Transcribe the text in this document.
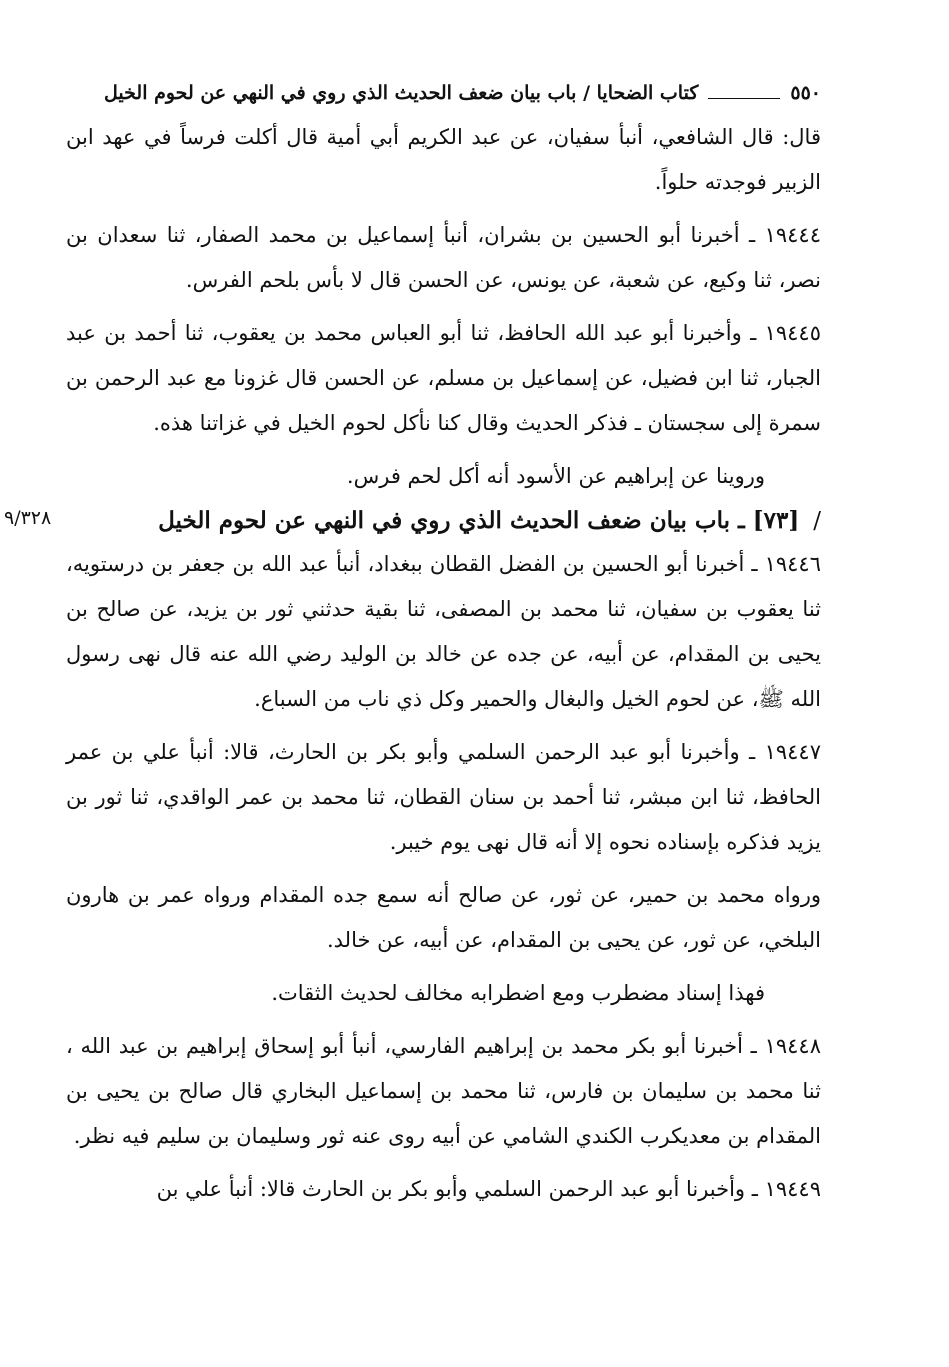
٥٥٠
كتاب الضحايا / باب بيان ضعف الحديث الذي روي في النهي عن لحوم الخيل

قال: قال الشافعي، أنبأ سفيان، عن عبد الكريم أبي أمية قال أكلت فرساً في عهد ابن الزبير فوجدته حلواً.

١٩٤٤٤ ـ أخبرنا أبو الحسين بن بشران، أنبأ إسماعيل بن محمد الصفار، ثنا سعدان بن نصر، ثنا وكيع، عن شعبة، عن يونس، عن الحسن قال لا بأس بلحم الفرس.

١٩٤٤٥ ـ وأخبرنا أبو عبد الله الحافظ، ثنا أبو العباس محمد بن يعقوب، ثنا أحمد بن عبد الجبار، ثنا ابن فضيل، عن إسماعيل بن مسلم، عن الحسن قال غزونا مع عبد الرحمن بن سمرة إلى سجستان ـ فذكر الحديث وقال كنا نأكل لحوم الخيل في غزاتنا هذه.

وروينا عن إبراهيم عن الأسود أنه أكل لحم فرس.

٩/٣٢٨	/
[٧٣] ـ باب بيان ضعف الحديث الذي روي في النهي عن لحوم الخيل

١٩٤٤٦ ـ أخبرنا أبو الحسين بن الفضل القطان ببغداد، أنبأ عبد الله بن جعفر بن درستويه، ثنا يعقوب بن سفيان، ثنا محمد بن المصفى، ثنا بقية حدثني ثور بن يزيد، عن صالح بن يحيى بن المقدام، عن أبيه، عن جده عن خالد بن الوليد رضي الله عنه قال نهى رسول الله ﷺ، عن لحوم الخيل والبغال والحمير وكل ذي ناب من السباع.

١٩٤٤٧ ـ وأخبرنا أبو عبد الرحمن السلمي وأبو بكر بن الحارث، قالا: أنبأ علي بن عمر الحافظ، ثنا ابن مبشر، ثنا أحمد بن سنان القطان، ثنا محمد بن عمر الواقدي، ثنا ثور بن يزيد فذكره بإسناده نحوه إلا أنه قال نهى يوم خيبر.

ورواه محمد بن حمير، عن ثور، عن صالح أنه سمع جده المقدام ورواه عمر بن هارون البلخي، عن ثور، عن يحيى بن المقدام، عن أبيه، عن خالد.

فهذا إسناد مضطرب ومع اضطرابه مخالف لحديث الثقات.

١٩٤٤٨ ـ أخبرنا أبو بكر محمد بن إبراهيم الفارسي، أنبأ أبو إسحاق إبراهيم بن عبد الله ، ثنا محمد بن سليمان بن فارس، ثنا محمد بن إسماعيل البخاري قال صالح بن يحيى بن المقدام بن معديكرب الكندي الشامي عن أبيه روى عنه ثور وسليمان بن سليم فيه نظر.

١٩٤٤٩ ـ وأخبرنا أبو عبد الرحمن السلمي وأبو بكر بن الحارث قالا: أنبأ علي بن
